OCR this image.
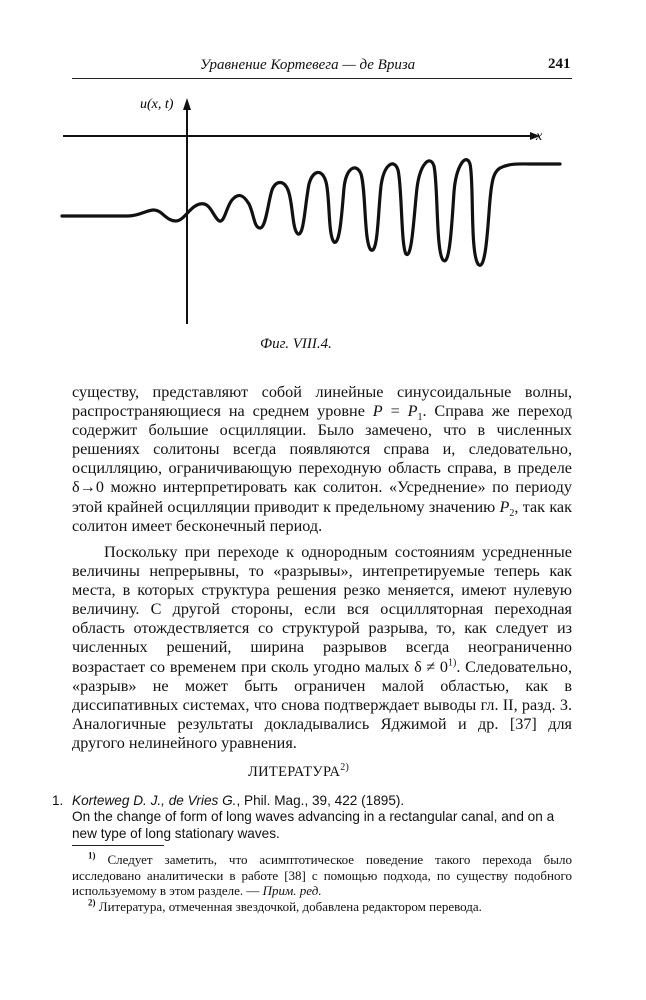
Уравнение Кортевега — де Вриза	241
x
u(x, t)
Фиг. VIII.4.

существу, представляют собой линейные синусоидальные волны, распространяющиеся на среднем уровне $P = P_1$. Справа же переход содержит большие осцилляции. Было замечено, что в численных решениях солитоны всегда появляются справа и, следовательно, осцилляцию, ограничивающую переходную область справа, в пределе δ→0 можно интерпретировать как солитон. «Усреднение» по периоду этой крайней осцилляции приводит к предельному значению $P_2$, так как солитон имеет бесконечный период.

Поскольку при переходе к однородным состояниям усредненные величины непрерывны, то «разрывы», интепретируемые теперь как места, в которых структура решения резко меняется, имеют нулевую величину. С другой стороны, если вся осцилляторная переходная область отождествляется со структурой разрыва, то, как следует из численных решений, ширина разрывов всегда неограниченно возрастает со временем при сколь угодно малых $\delta \ne 0^{1)}$. Следовательно, «разрыв» не может быть ограничен малой областью, как в диссипативных системах, что снова подтверждает выводы гл. II, разд. 3. Аналогичные результаты докладывались Яджимой и др. [37] для другого нелинейного уравнения.

ЛИТЕРАТУРА$^{2)}$
1. Korteweg D. J., de Vries G., Phil. Mag., 39, 422 (1895).
On the change of form of long waves advancing in a rectangular canal, and on a new type of long stationary waves.

$^{1)}$ Следует заметить, что асимптотическое поведение такого перехода было исследовано аналитически в работе [38] с помощью подхода, по существу подобного используемому в этом разделе. — Прим. ред.

$^{2)}$ Литература, отмеченная звездочкой, добавлена редактором перевода.
